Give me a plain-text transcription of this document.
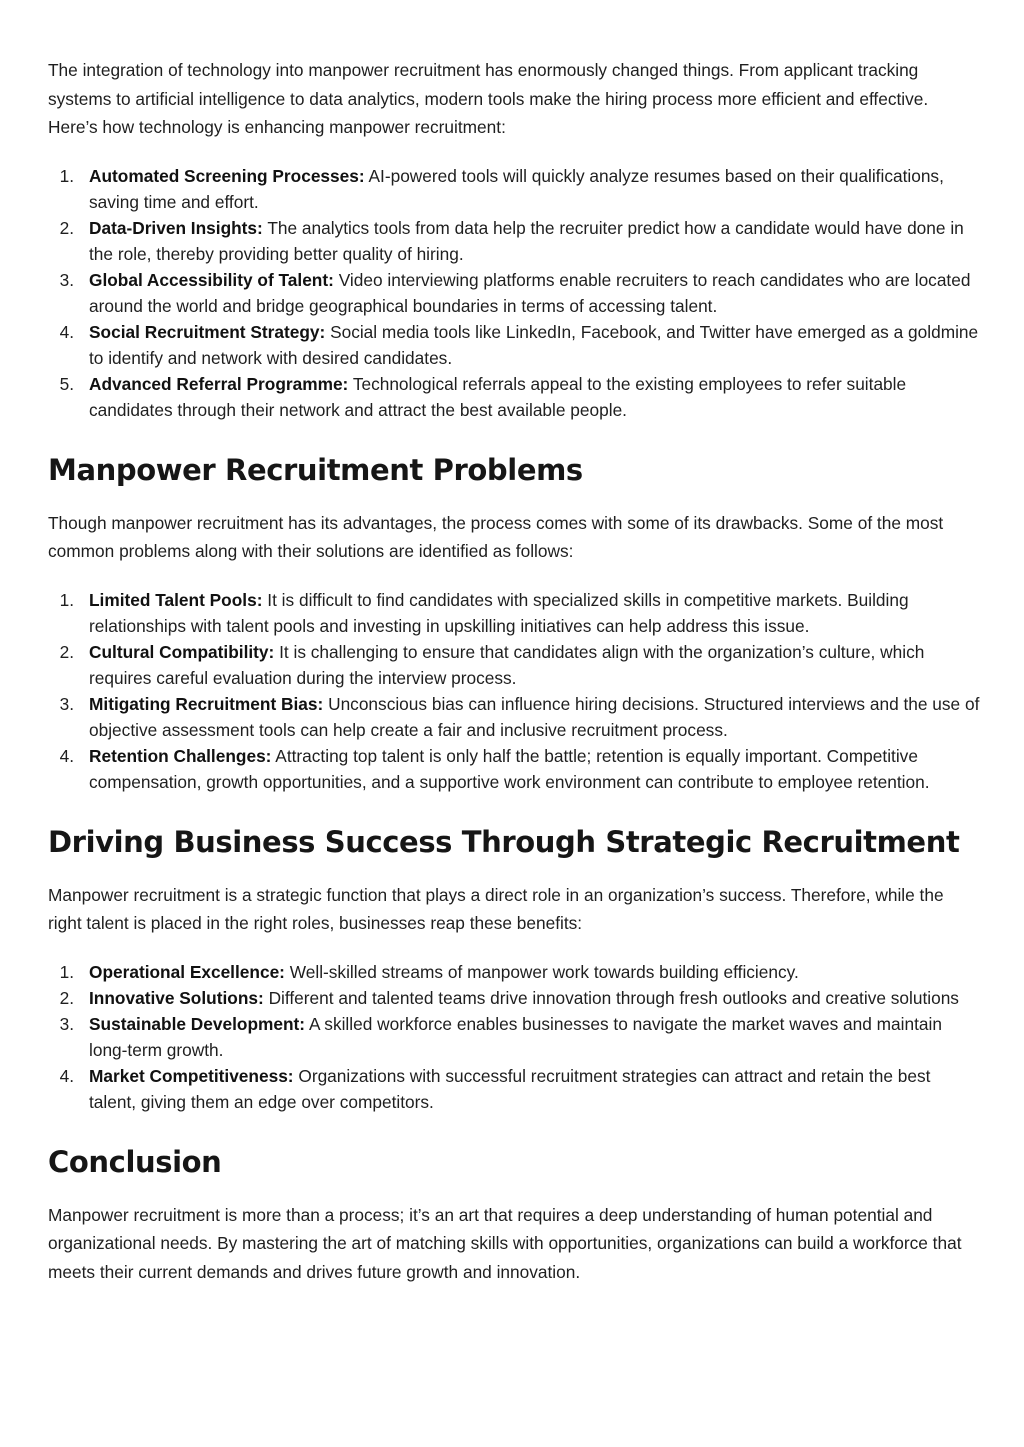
The integration of technology into manpower recruitment has enormously changed things. From applicant tracking systems to artificial intelligence to data analytics, modern tools make the hiring process more efficient and effective. Here’s how technology is enhancing manpower recruitment:

1. Automated Screening Processes: AI-powered tools will quickly analyze resumes based on their qualifications, saving time and effort.
2. Data-Driven Insights: The analytics tools from data help the recruiter predict how a candidate would have done in the role, thereby providing better quality of hiring.
3. Global Accessibility of Talent: Video interviewing platforms enable recruiters to reach candidates who are located around the world and bridge geographical boundaries in terms of accessing talent.
4. Social Recruitment Strategy: Social media tools like LinkedIn, Facebook, and Twitter have emerged as a goldmine to identify and network with desired candidates.
5. Advanced Referral Programme: Technological referrals appeal to the existing employees to refer suitable candidates through their network and attract the best available people.
Manpower Recruitment Problems

Though manpower recruitment has its advantages, the process comes with some of its drawbacks. Some of the most common problems along with their solutions are identified as follows:

1. Limited Talent Pools: It is difficult to find candidates with specialized skills in competitive markets. Building relationships with talent pools and investing in upskilling initiatives can help address this issue.
2. Cultural Compatibility: It is challenging to ensure that candidates align with the organization’s culture, which requires careful evaluation during the interview process.
3. Mitigating Recruitment Bias: Unconscious bias can influence hiring decisions. Structured interviews and the use of objective assessment tools can help create a fair and inclusive recruitment process.
4. Retention Challenges: Attracting top talent is only half the battle; retention is equally important. Competitive compensation, growth opportunities, and a supportive work environment can contribute to employee retention.
Driving Business Success Through Strategic Recruitment

Manpower recruitment is a strategic function that plays a direct role in an organization’s success. Therefore, while the right talent is placed in the right roles, businesses reap these benefits:

1. Operational Excellence: Well-skilled streams of manpower work towards building efficiency.
2. Innovative Solutions: Different and talented teams drive innovation through fresh outlooks and creative solutions
3. Sustainable Development: A skilled workforce enables businesses to navigate the market waves and maintain long-term growth.
4. Market Competitiveness: Organizations with successful recruitment strategies can attract and retain the best talent, giving them an edge over competitors.
Conclusion

Manpower recruitment is more than a process; it’s an art that requires a deep understanding of human potential and organizational needs. By mastering the art of matching skills with opportunities, organizations can build a workforce that meets their current demands and drives future growth and innovation.
